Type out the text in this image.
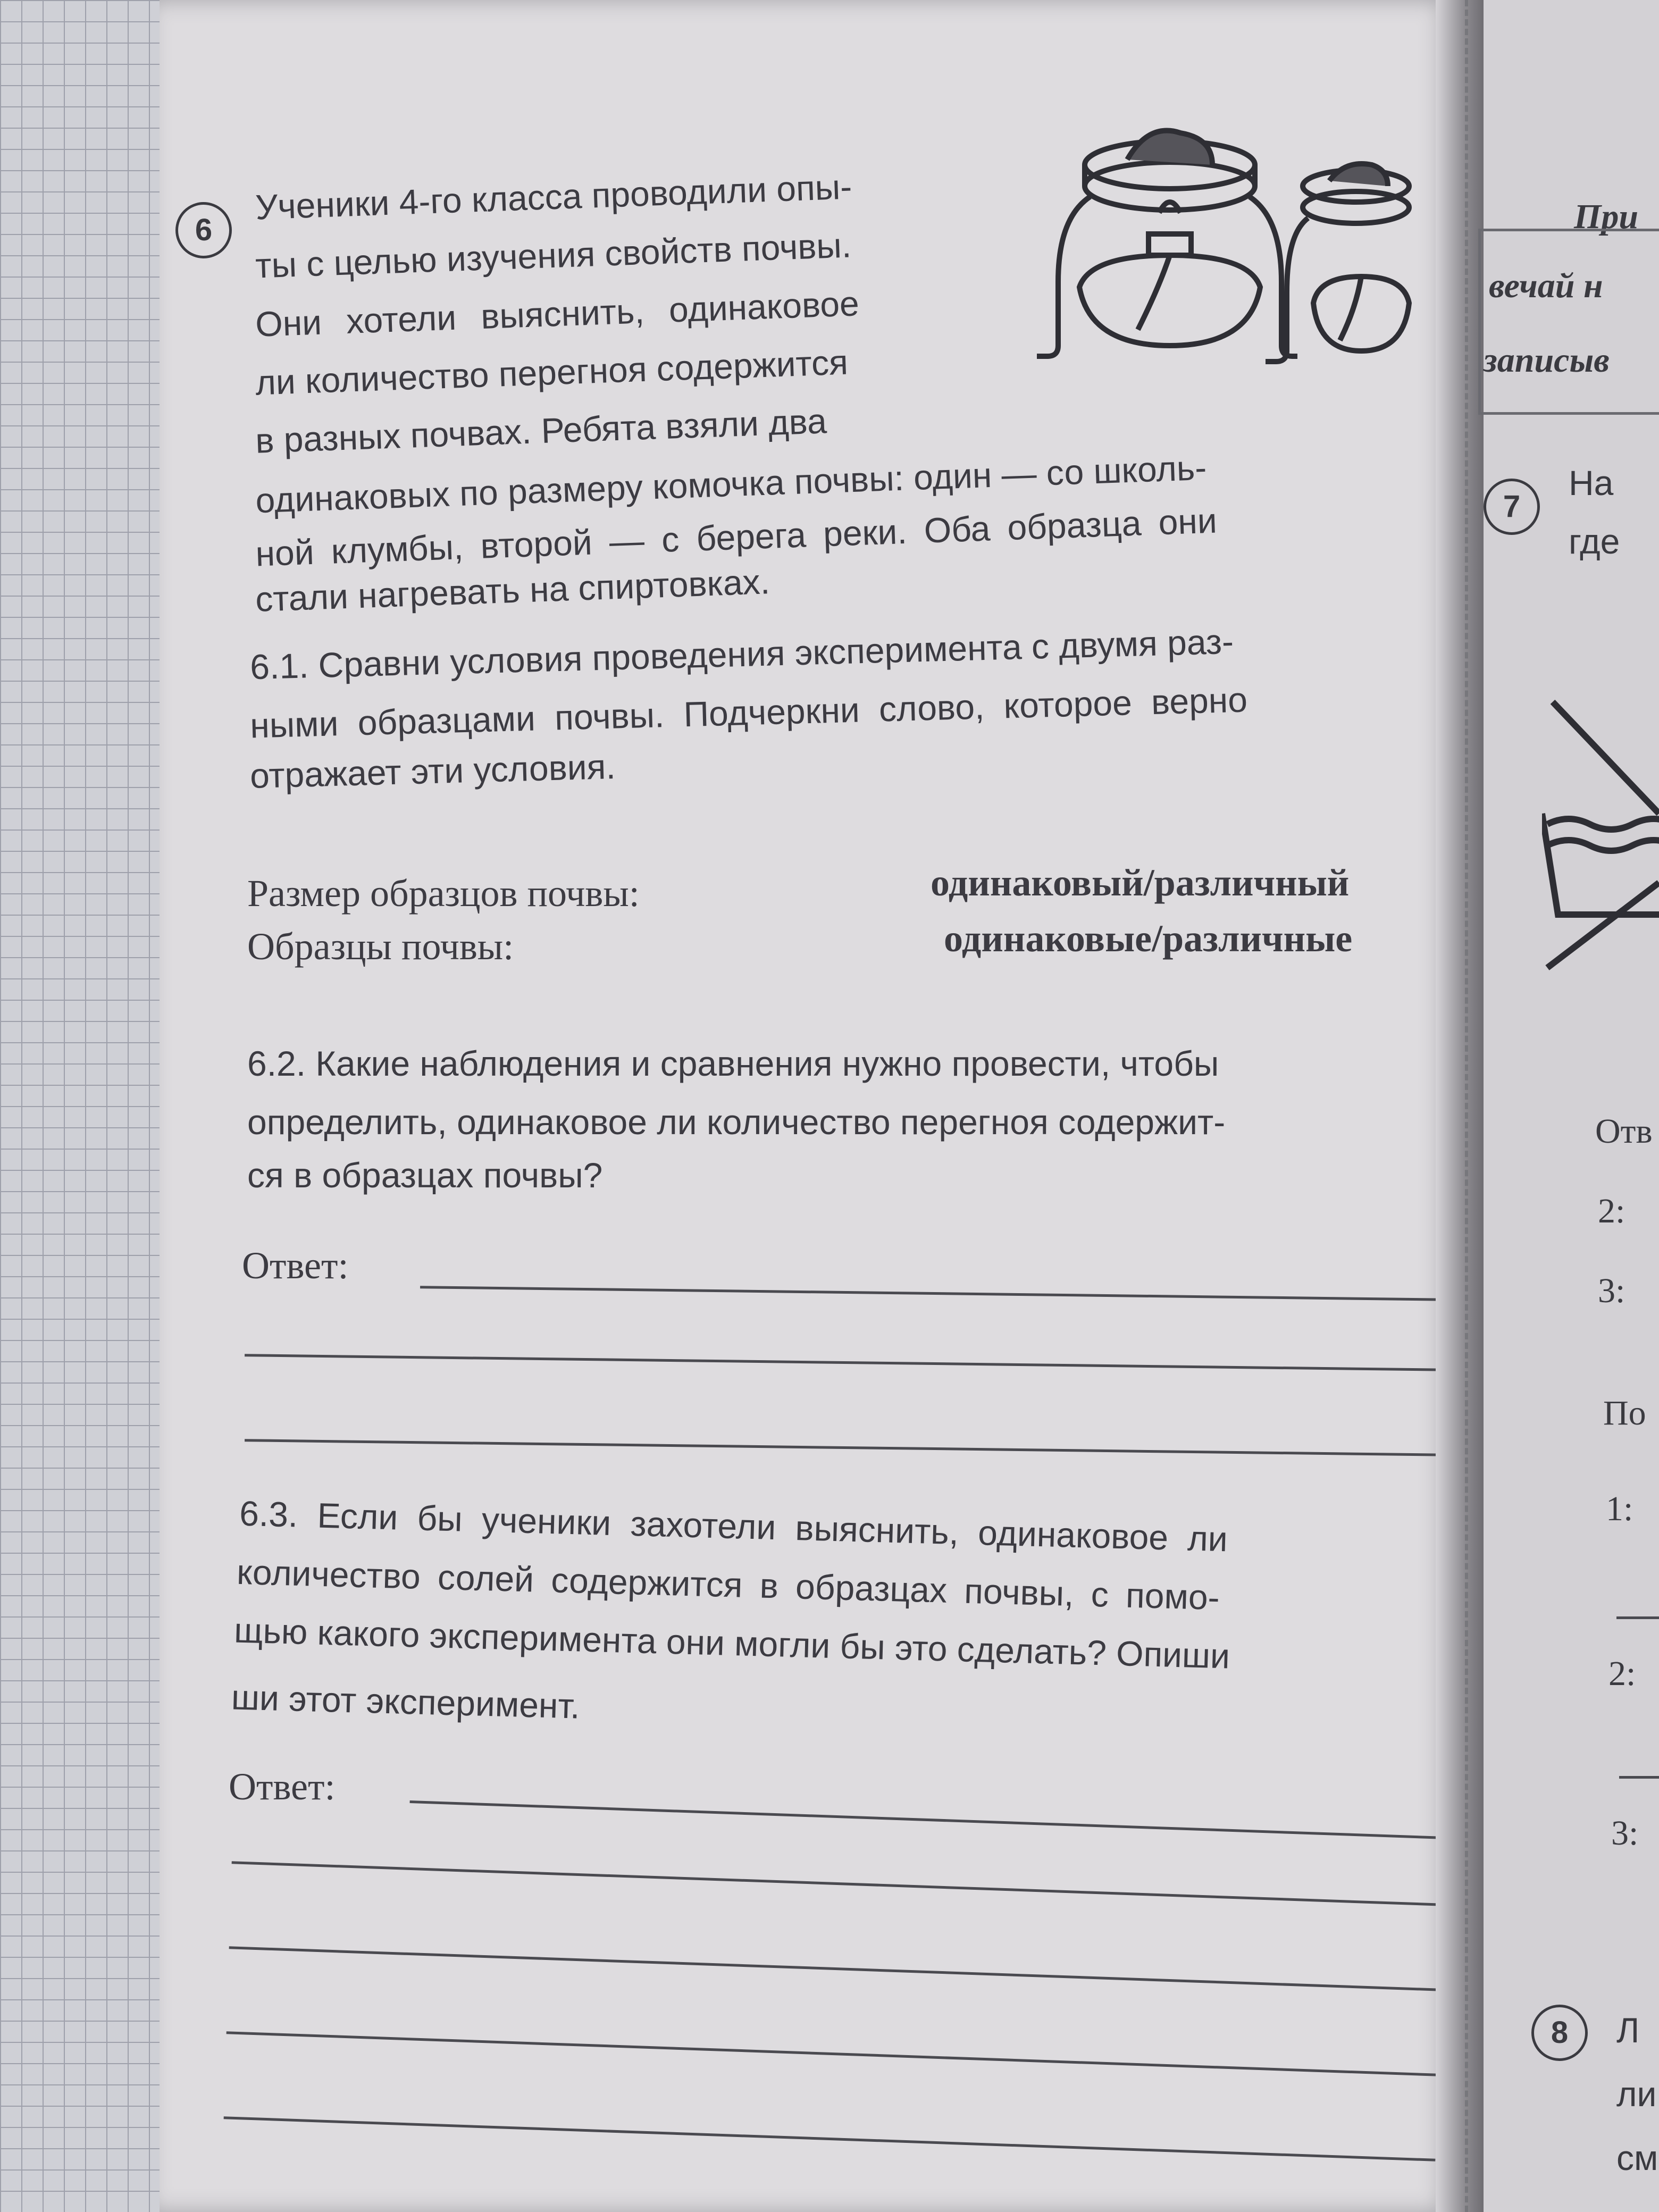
6

Ученики 4-го класса проводили опы-

ты с целью изучения свойств почвы.

Они хотели выяснить, одинаковое

ли количество перегноя содержится

в разных почвах. Ребята взяли два

одинаковых по размеру комочка почвы: один — со школь-

ной клумбы, второй — с берега реки. Оба образца они

стали нагревать на спиртовках.

6.1. Сравни условия проведения эксперимента с двумя раз-

ными образцами почвы. Подчеркни слово, которое верно

отражает эти условия.

Размер образцов почвы:	одинаковый/различный

Образцы почвы:	одинаковые/различные

6.2. Какие наблюдения и сравнения нужно провести, чтобы

определить, одинаковое ли количество перегноя содержит-

ся в образцах почвы?

Ответ:

6.3. Если бы ученики захотели выяснить, одинаковое ли

количество солей содержится в образцах почвы, с помо-

щью какого эксперимента они могли бы это сделать? Опиши

ши этот эксперимент.

Ответ:

При
вечай н
записыв
7
На
где
Отв
2:
3:
По
1:
2:
3:
8	Л
ли
см
